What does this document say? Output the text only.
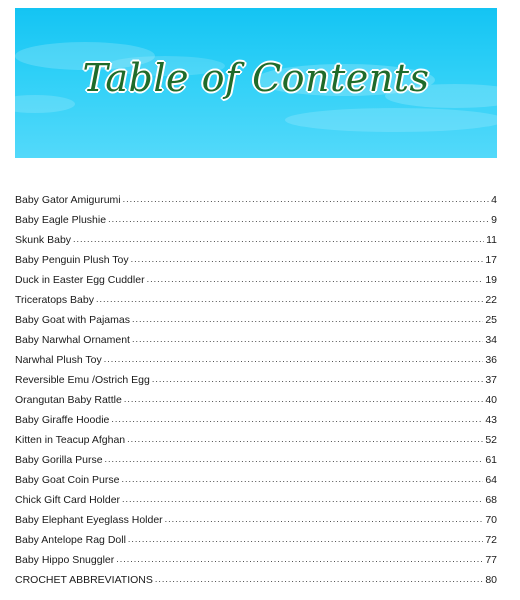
Table of Contents
Baby Gator Amigurumi .....	4
Baby Eagle Plushie .....	9
Skunk Baby .....	11
Baby Penguin Plush Toy .....	17
Duck in Easter Egg Cuddler .....	19
Triceratops Baby .....	22
Baby Goat with Pajamas .....	25
Baby Narwhal Ornament .....	34
Narwhal Plush Toy .....	36
Reversible Emu /Ostrich Egg .....	37
Orangutan Baby Rattle .....	40
Baby Giraffe Hoodie .....	43
Kitten in Teacup Afghan .....	52
Baby Gorilla Purse .....	61
Baby Goat Coin Purse .....	64
Chick Gift Card Holder .....	68
Baby Elephant Eyeglass Holder .....	70
Baby Antelope Rag Doll .....	72
Baby Hippo Snuggler .....	77
CROCHET ABBREVIATIONS .....	80
